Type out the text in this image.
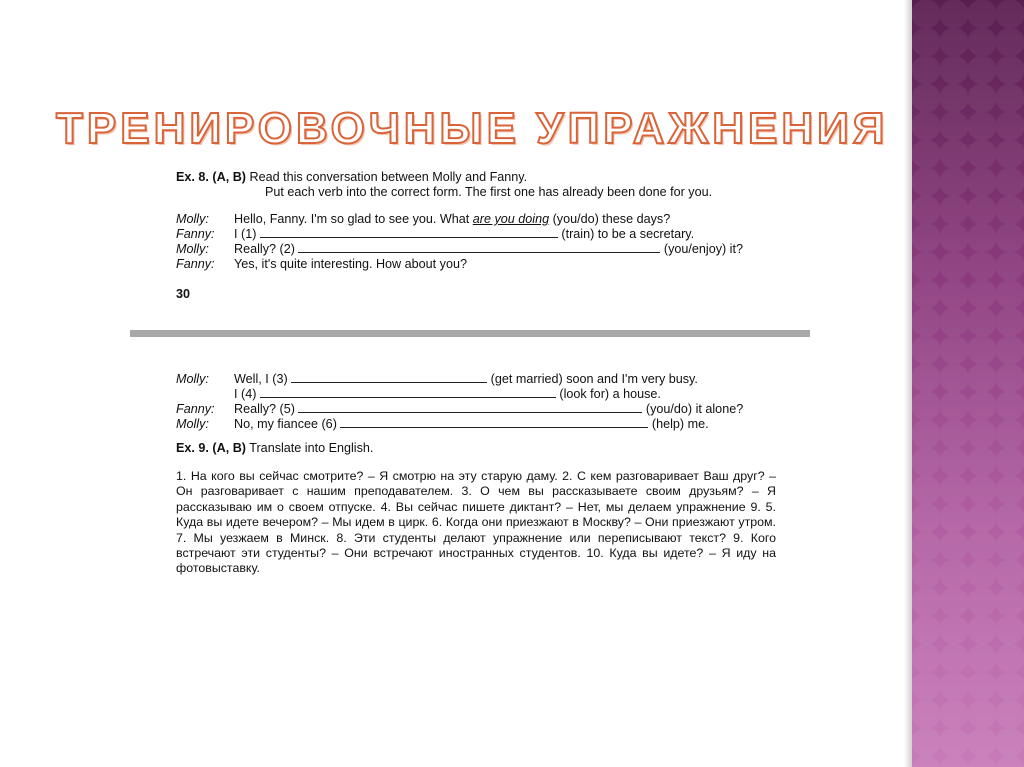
ТРЕНИРОВОЧНЫЕ УПРАЖНЕНИЯ
Ex. 8. (A, B) Read this conversation between Molly and Fanny.
Put each verb into the correct form. The first one has already been done for you.
Molly: Hello, Fanny. I'm so glad to see you. What are you doing (you/do) these days?
Fanny: I (1)	(train) to be a secretary.
Molly: Really? (2)	(you/enjoy) it?
Fanny: Yes, it's quite interesting. How about you?
30
Molly: Well, I (3)	(get married) soon and I'm very busy.
I (4)	(look for) a house.
Fanny: Really? (5)	(you/do) it alone?
Molly: No, my fiancee (6)	(help) me.
Ex. 9. (A, B) Translate into English.
1. На кого вы сейчас смотрите? – Я смотрю на эту старую даму. 2. С кем разговаривает Ваш друг? – Он разговаривает с нашим преподавателем. 3. О чем вы рассказываете своим друзьям? – Я рассказываю им о своем отпуске. 4. Вы сейчас пишете диктант? – Нет, мы делаем упражнение 9. 5. Куда вы идете вечером? – Мы идем в цирк. 6. Когда они приезжают в Москву? – Они приезжают утром. 7. Мы уезжаем в Минск. 8. Эти студенты делают упражнение или переписывают текст? 9. Кого встречают эти студенты? – Они встречают иностранных студентов. 10. Куда вы идете? – Я иду на фотовыставку.
